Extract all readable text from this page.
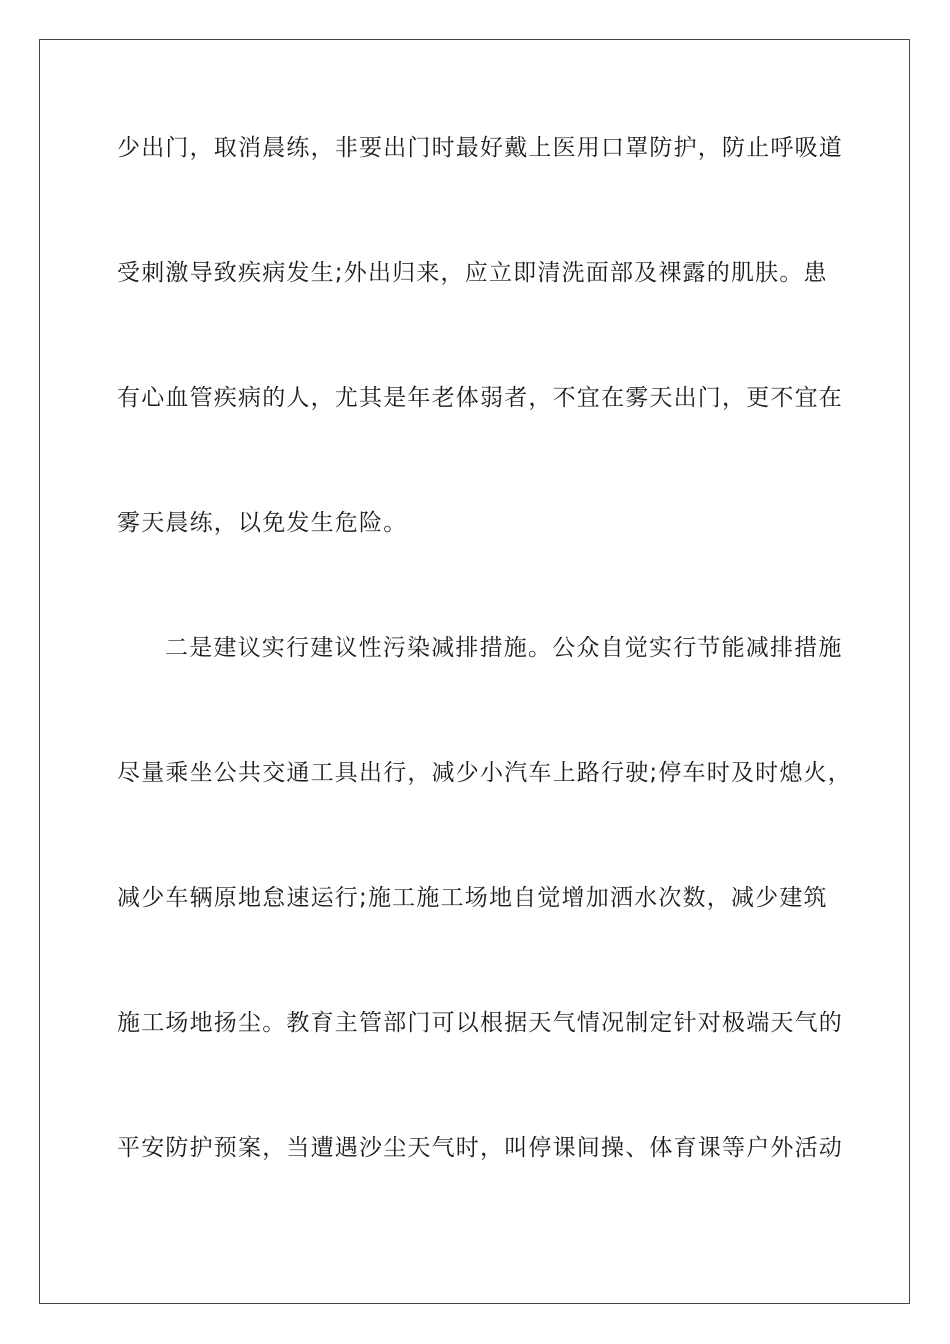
少出门，取消晨练，非要出门时最好戴上医用口罩防护，防止呼吸道
受刺激导致疾病发生;外出归来，应立即清洗面部及裸露的肌肤。患
有心血管疾病的人，尤其是年老体弱者，不宜在雾天出门，更不宜在
雾天晨练，以免发生危险。
二是建议实行建议性污染减排措施。公众自觉实行节能减排措施
尽量乘坐公共交通工具出行，减少小汽车上路行驶;停车时及时熄火，
减少车辆原地怠速运行;施工施工场地自觉增加洒水次数，减少建筑
施工场地扬尘。教育主管部门可以根据天气情况制定针对极端天气的
平安防护预案，当遭遇沙尘天气时，叫停课间操、体育课等户外活动
